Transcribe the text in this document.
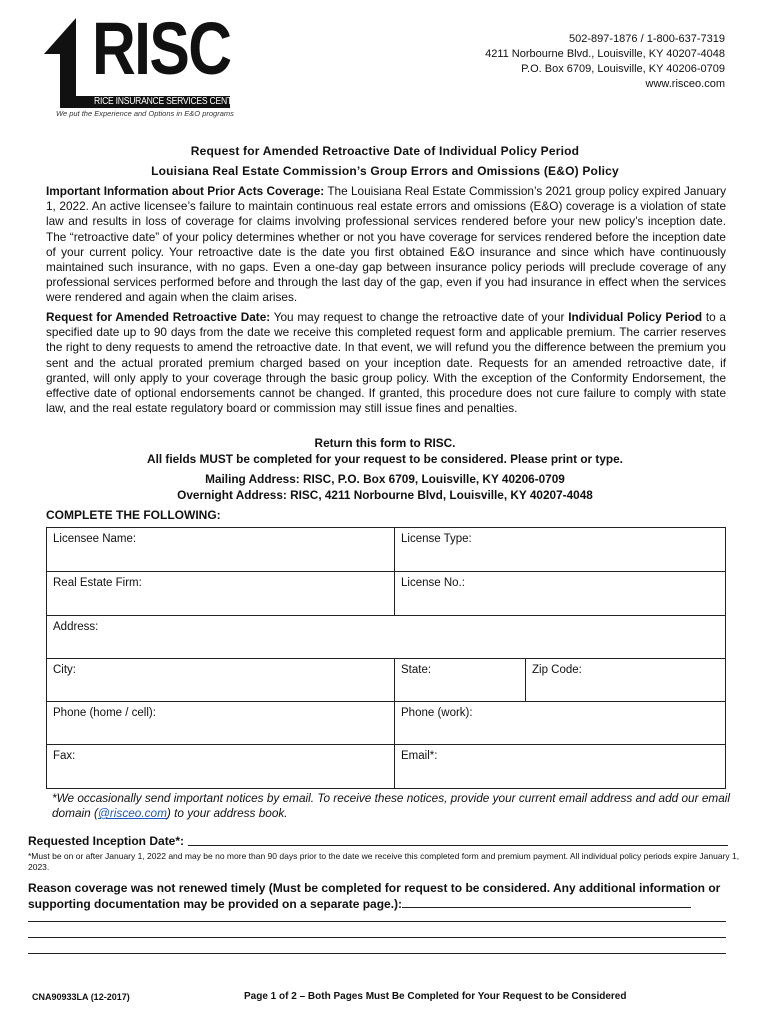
RISC
RICE INSURANCE SERVICES CENTER
We put the Experience and Options in E&O programs
502-897-1876 / 1-800-637-7319
4211 Norbourne Blvd., Louisville, KY 40207-4048
P.O. Box 6709, Louisville, KY 40206-0709
www.risceo.com
Request for Amended Retroactive Date of Individual Policy Period
Louisiana Real Estate Commission’s Group Errors and Omissions (E&O) Policy
Important Information about Prior Acts Coverage: The Louisiana Real Estate Commission’s 2021 group policy expired January 1, 2022. An active licensee’s failure to maintain continuous real estate errors and omissions (E&O) coverage is a violation of state law and results in loss of coverage for claims involving professional services rendered before your new policy’s inception date. The “retroactive date” of your policy determines whether or not you have coverage for services rendered before the inception date of your current policy. Your retroactive date is the date you first obtained E&O insurance and since which have continuously maintained such insurance, with no gaps. Even a one-day gap between insurance policy periods will preclude coverage of any professional services performed before and through the last day of the gap, even if you had insurance in effect when the services were rendered and again when the claim arises.
Request for Amended Retroactive Date: You may request to change the retroactive date of your Individual Policy Period to a specified date up to 90 days from the date we receive this completed request form and applicable premium. The carrier reserves the right to deny requests to amend the retroactive date. In that event, we will refund you the difference between the premium you sent and the actual prorated premium charged based on your inception date. Requests for an amended retroactive date, if granted, will only apply to your coverage through the basic group policy. With the exception of the Conformity Endorsement, the effective date of optional endorsements cannot be changed. If granted, this procedure does not cure failure to comply with state law, and the real estate regulatory board or commission may still issue fines and penalties.
Return this form to RISC.
All fields MUST be completed for your request to be considered. Please print or type.
Mailing Address: RISC, P.O. Box 6709, Louisville, KY 40206-0709
Overnight Address: RISC, 4211 Norbourne Blvd, Louisville, KY 40207-4048
COMPLETE THE FOLLOWING:
Licensee Name:	License Type:
Real Estate Firm:	License No.:
Address:
City:	State:	Zip Code:
Phone (home / cell):	Phone (work):
Fax:	Email*:
*We occasionally send important notices by email. To receive these notices, provide your current email address and add our email domain (@risceo.com) to your address book.
Requested Inception Date*:
*Must be on or after January 1, 2022 and may be no more than 90 days prior to the date we receive this completed form and premium payment. All individual policy periods expire January 1, 2023.
Reason coverage was not renewed timely (Must be completed for request to be considered. Any additional information or supporting documentation may be provided on a separate page.):
CNA90933LA (12-2017)	Page 1 of 2 – Both Pages Must Be Completed for Your Request to be Considered
